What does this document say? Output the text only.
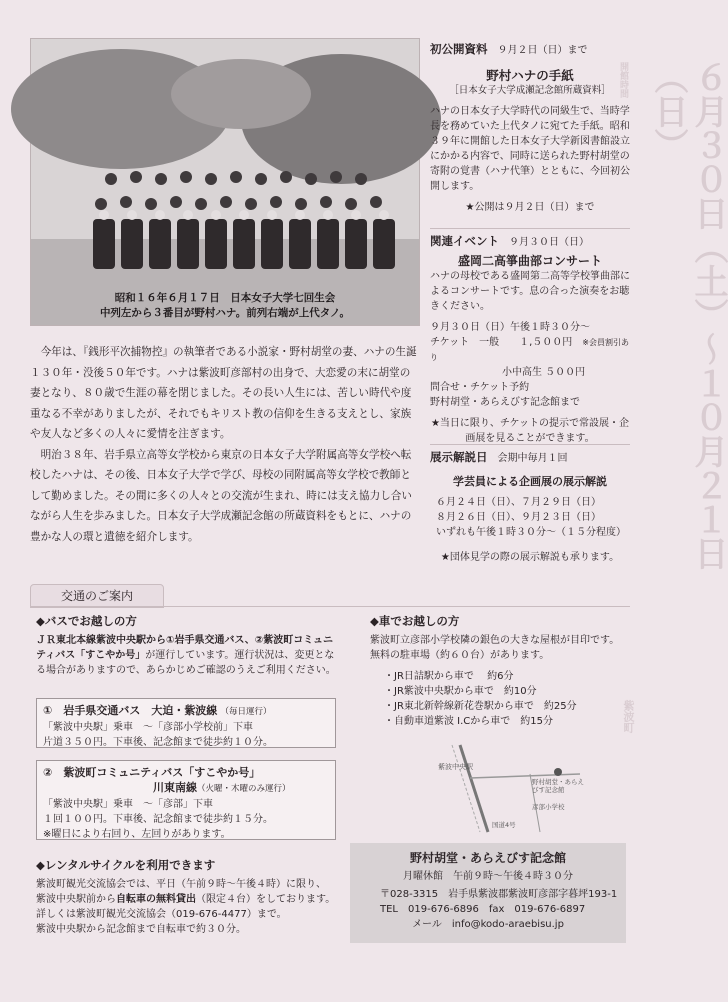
昭和１６年６月１７日　日本女子大学七回生会
中列左から３番目が野村ハナ。前列右端が上代タノ。

今年は、『銭形平次捕物控』の執筆者である小説家・野村胡堂の妻、ハナの生誕１３０年・没後５０年です。ハナは紫波町彦部村の出身で、大恋愛の末に胡堂の妻となり、８０歳で生涯の幕を閉じました。その長い人生には、苦しい時代や度重なる不幸がありましたが、それでもキリスト教の信仰を生きる支えとし、家族や友人など多くの人々に愛情を注ぎます。

明治３８年、岩手県立高等女学校から東京の日本女子大学附属高等女学校へ転校したハナは、その後、日本女子大学で学び、母校の同附属高等女学校で教師として勤めました。その間に多くの人々との交流が生まれ、時には支え協力し合いながら人生を歩みました。日本女子大学成瀬記念館の所蔵資料をもとに、ハナの豊かな人の環と遺徳を紹介します。	６月３０日（土）～１０月２１日（日）
開館時間
紫波町
初公開資料　 ９月２日（日）まで
野村ハナの手紙
［日本女子大学成瀬記念館所蔵資料］
ハナの日本女子大学時代の同級生で、当時学長を務めていた上代タノに宛てた手紙。昭和３９年に開館した日本女子大学新図書館設立にかかる内容で、同時に送られた野村胡堂の寄附の覚書（ハナ代筆）とともに、今回初公開します。
★公開は９月２日（日）まで
関連イベント　 ９月３０日（日）
盛岡二高箏曲部コンサート
ハナの母校である盛岡第二高等学校箏曲部によるコンサートです。息の合った演奏をお聴きください。
９月３０日（日）午後１時３０分～
チケット　 一般　　１,５００円　 ※会員割引あり
小中高生 ５００円
問合せ・チケット予約
野村胡堂・あらえびす記念館まで
★当日に限り、チケットの提示で常設展・企画展を見ることができます。
展示解説日　 会期中毎月１回
学芸員による企画展の展示解説
６月２４日（日）、７月２９日（日）
８月２６日（日）、９月２３日（日）
いずれも午後１時３０分～（１５分程度）
★団体見学の際の展示解説も承ります。
交通のご案内
◆バスでお越しの方
ＪＲ東北本線紫波中央駅から①岩手県交通バス、②紫波町コミュニティバス「すこやか号」が運行しています。運行状況は、変更となる場合がありますので、あらかじめご確認のうえご利用ください。
①　岩手県交通バス　大迫・紫波線 （毎日運行）
「紫波中央駅」乗車　～「彦部小学校前」下車
片道３５０円。下車後、記念館まで徒歩約１０分。
②　紫波町コミュニティバス「すこやか号」
川東南線（火曜・木曜のみ運行）
「紫波中央駅」乗車　～「彦部」下車
１回１００円。下車後、記念館まで徒歩約１５分。
※曜日により右回り、左回りがあります。
◆レンタルサイクルを利用できます
紫波町観光交流協会では、平日（午前９時～午後４時）に限り、
紫波中央駅前から自転車の無料貸出（限定４台）をしております。詳しくは紫波町観光交流協会（019-676-4477）まで。
紫波中央駅から記念館まで自転車で約３０分。
◆車でお越しの方
紫波町立彦部小学校隣の銀色の大きな屋根が目印です。
無料の駐車場（約６０台）があります。
・ JR日詰駅から車で　 約6分
・ JR紫波中央駅から車で　約10分
・ JR東北新幹線新花巻駅から車で　約25分
・ 自動車道紫波 I.Cから車で　約15分
紫波中央駅
野村胡堂・あらえびす記念館
彦部小学校
国道4号
野村胡堂・あらえびす記念館
月曜休館　午前９時～午後４時３０分
〒028-3315　 岩手県紫波郡紫波町彦部字暮坪193-1
TEL　019-676-6896　fax　019-676-6897
メール　info@kodo-araebisu.jp
